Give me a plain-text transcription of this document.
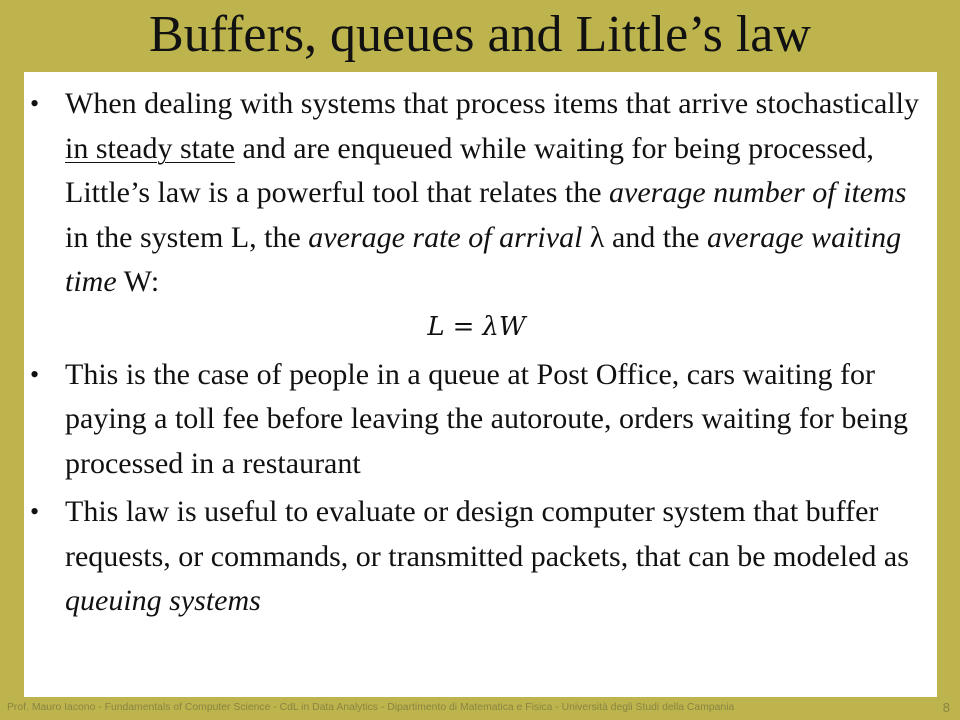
Buffers, queues and Little’s law
• When dealing with systems that process items that arrive stochastically in steady state and are enqueued while waiting for being processed, Little’s law is a powerful tool that relates the average number of items in the system L, the average rate of arrival λ and the average waiting time W:
L = λW
• This is the case of people in a queue at Post Office, cars waiting for paying a toll fee before leaving the autoroute, orders waiting for being processed in a restaurant
• This law is useful to evaluate or design computer system that buffer requests, or commands, or transmitted packets, that can be modeled as queuing systems
Prof. Mauro Iacono - Fundamentals of Computer Science - CdL in Data Analytics - Dipartimento di Matematica e Fisica - Università degli Studi della Campania	8
